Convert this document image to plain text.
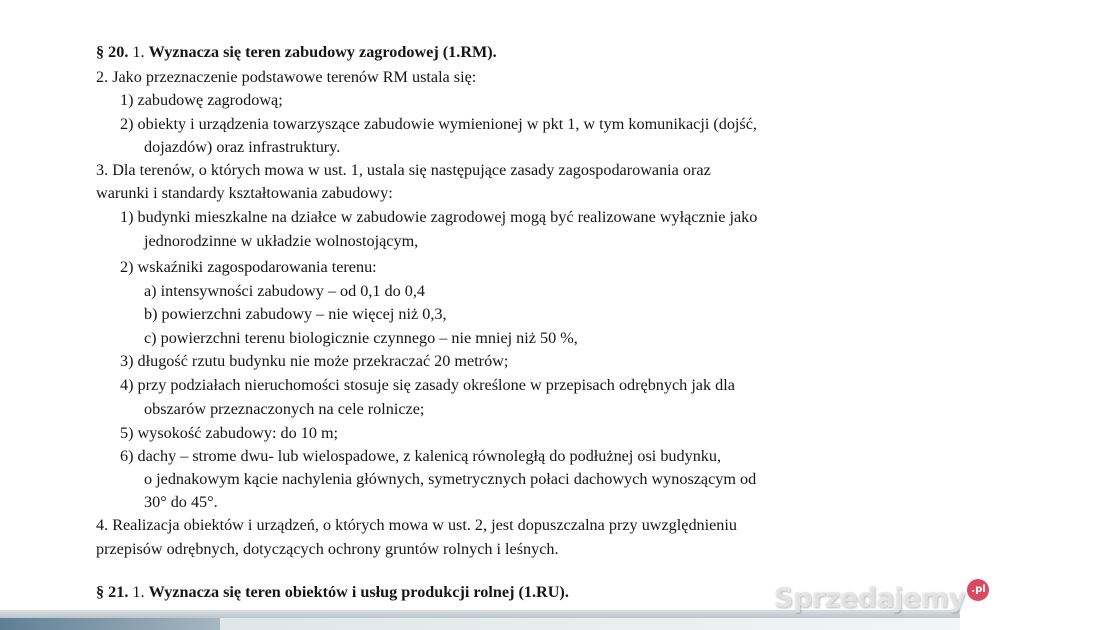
§ 20. 1. Wyznacza się teren zabudowy zagrodowej (1.RM).
2. Jako przeznaczenie podstawowe terenów RM ustala się:
1) zabudowę zagrodową;
2) obiekty i urządzenia towarzyszące zabudowie wymienionej w pkt 1, w tym komunikacji (dojść,
dojazdów) oraz infrastruktury.
3. Dla terenów, o których mowa w ust. 1, ustala się następujące zasady zagospodarowania oraz
warunki i standardy kształtowania zabudowy:
1) budynki mieszkalne na działce w zabudowie zagrodowej mogą być realizowane wyłącznie jako
jednorodzinne w układzie wolnostojącym,
2) wskaźniki zagospodarowania terenu:
a) intensywności zabudowy – od 0,1 do 0,4
b) powierzchni zabudowy – nie więcej niż 0,3,
c) powierzchni terenu biologicznie czynnego – nie mniej niż 50 %,
3) długość rzutu budynku nie może przekraczać 20 metrów;
4) przy podziałach nieruchomości stosuje się zasady określone w przepisach odrębnych jak dla
obszarów przeznaczonych na cele rolnicze;
5) wysokość zabudowy: do 10 m;
6) dachy – strome dwu- lub wielospadowe, z kalenicą równoległą do podłużnej osi budynku,
o jednakowym kącie nachylenia głównych, symetrycznych połaci dachowych wynoszącym od
30° do 45°.
4. Realizacja obiektów i urządzeń, o których mowa w ust. 2, jest dopuszczalna przy uwzględnieniu
przepisów odrębnych, dotyczących ochrony gruntów rolnych i leśnych.
§ 21. 1. Wyznacza się teren obiektów i usług produkcji rolnej (1.RU).	Sprzedajemy .pl
